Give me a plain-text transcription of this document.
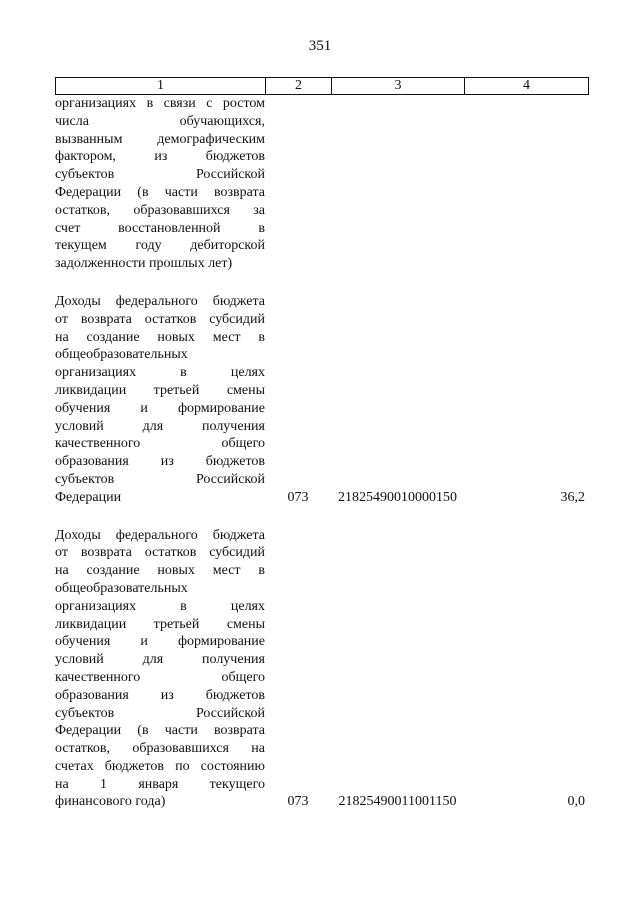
351
1	2	3	4
организациях в связи с ростом
числа обучающихся,
вызванным демографическим
фактором, из бюджетов
субъектов Российской
Федерации (в части возврата
остатков, образовавшихся за
счет восстановленной в
текущем году дебиторской
задолженности прошлых лет)
Доходы федерального бюджета
от возврата остатков субсидий
на создание новых мест в
общеобразовательных
организациях в целях
ликвидации третьей смены
обучения и формирование
условий для получения
качественного общего
образования из бюджетов
субъектов Российской
Федерации	073	21825490010000150	36,2
Доходы федерального бюджета
от возврата остатков субсидий
на создание новых мест в
общеобразовательных
организациях в целях
ликвидации третьей смены
обучения и формирование
условий для получения
качественного общего
образования из бюджетов
субъектов Российской
Федерации (в части возврата
остатков, образовавшихся на
счетах бюджетов по состоянию
на 1 января текущего
финансового года)	073	21825490011001150	0,0
